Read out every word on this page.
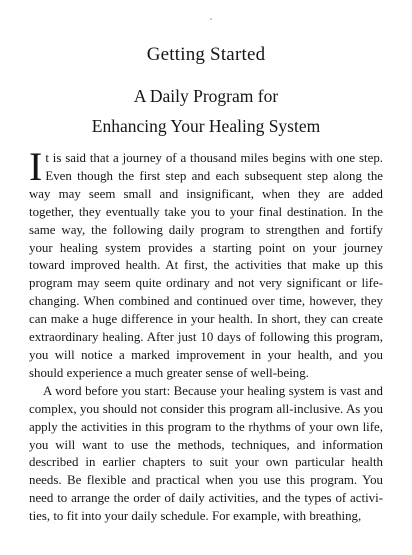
Getting Started
A Daily Program for
Enhancing Your Healing System

It is said that a journey of a thousand miles begins with one step. Even though the first step and each subsequent step along the way may seem small and insignificant, when they are added together, they eventually take you to your final destination. In the same way, the following daily program to strengthen and fortify your healing system provides a starting point on your journey toward improved health. At first, the activities that make up this program may seem quite ordinary and not very significant or life-changing. When combined and continued over time, however, they can make a huge difference in your health. In short, they can create extraordinary healing. After just 10 days of following this program, you will notice a marked improvement in your health, and you should experience a much greater sense of well-being.

A word before you start: Because your healing system is vast and complex, you should not consider this program all-inclusive. As you apply the activities in this program to the rhythms of your own life, you will want to use the methods, techniques, and information described in earlier chapters to suit your own particular health needs. Be flexible and practical when you use this program. You need to arrange the order of daily activities, and the types of activities, to fit into your daily schedule. For example, with breathing,
